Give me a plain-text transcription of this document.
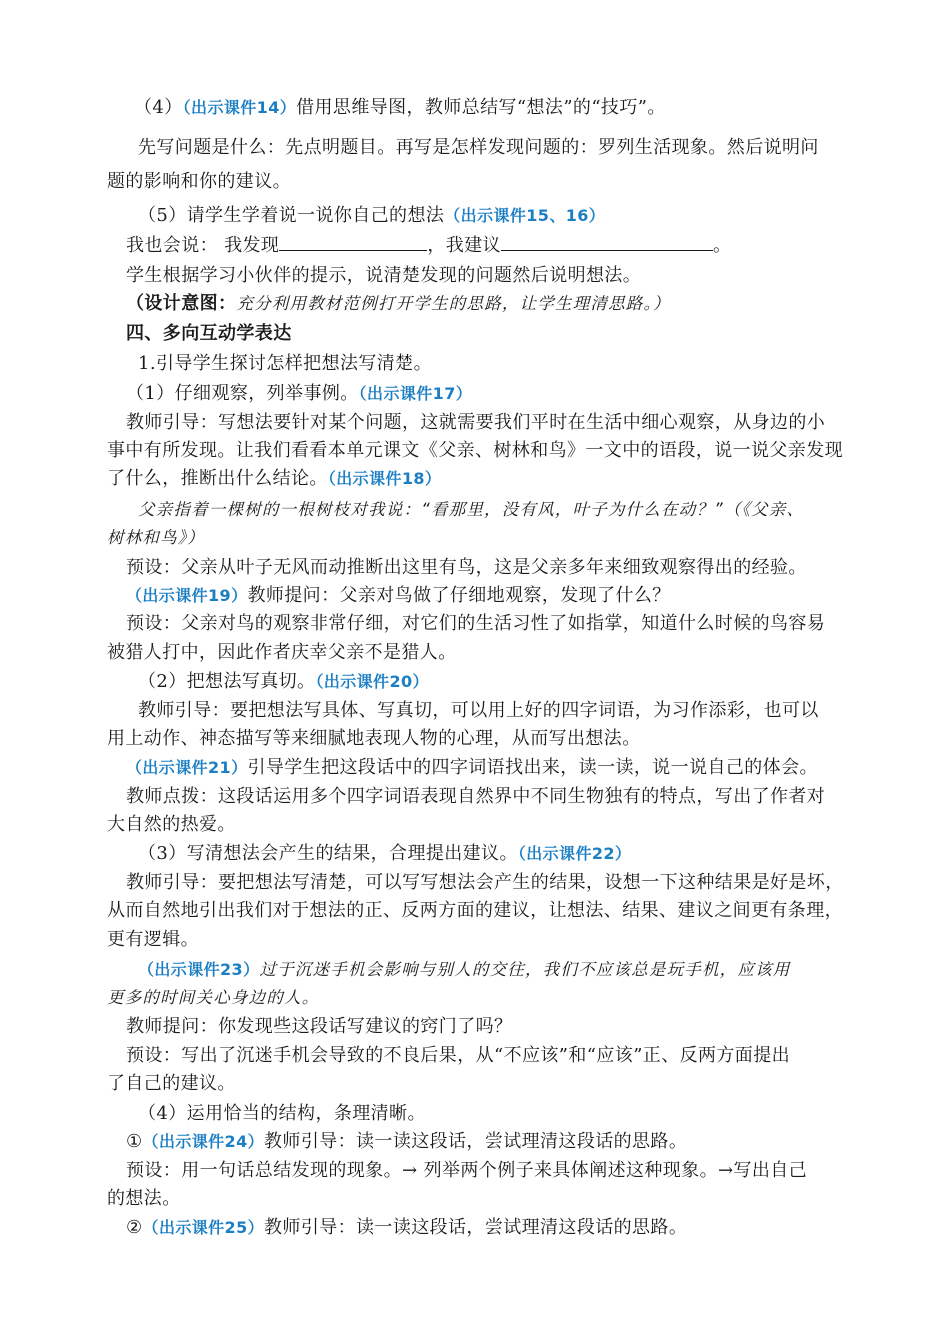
（4）（出示课件14）借用思维导图，教师总结写“想法”的“技巧”。
先写问题是什么：先点明题目。再写是怎样发现问题的：罗列生活现象。然后说明问
题的影响和你的建议。
（5）请学生学着说一说你自己的想法（出示课件15、16）
我也会说： 我发现	，我建议	。
学生根据学习小伙伴的提示，说清楚发现的问题然后说明想法。
（设计意图：充分利用教材范例打开学生的思路，让学生理清思路。）
四、多向互动学表达
1.引导学生探讨怎样把想法写清楚。
（1）仔细观察，列举事例。（出示课件17）
教师引导：写想法要针对某个问题，这就需要我们平时在生活中细心观察，从身边的小
事中有所发现。让我们看看本单元课文《父亲、树林和鸟》一文中的语段，说一说父亲发现
了什么，推断出什么结论。（出示课件18）
父亲指着一棵树的一根树枝对我说：“看那里，没有风，叶子为什么在动？”（《父亲、
树林和鸟》）
预设：父亲从叶子无风而动推断出这里有鸟，这是父亲多年来细致观察得出的经验。
（出示课件19）教师提问：父亲对鸟做了仔细地观察，发现了什么？
预设：父亲对鸟的观察非常仔细，对它们的生活习性了如指掌，知道什么时候的鸟容易
被猎人打中，因此作者庆幸父亲不是猎人。
（2）把想法写真切。（出示课件20）
教师引导：要把想法写具体、写真切，可以用上好的四字词语，为习作添彩，也可以
用上动作、神态描写等来细腻地表现人物的心理，从而写出想法。
（出示课件21）引导学生把这段话中的四字词语找出来，读一读，说一说自己的体会。
教师点拨：这段话运用多个四字词语表现自然界中不同生物独有的特点，写出了作者对
大自然的热爱。
（3）写清想法会产生的结果，合理提出建议。（出示课件22）
教师引导：要把想法写清楚，可以写写想法会产生的结果，设想一下这种结果是好是坏，
从而自然地引出我们对于想法的正、反两方面的建议，让想法、结果、建议之间更有条理，
更有逻辑。
（出示课件23）过于沉迷手机会影响与别人的交往，我们不应该总是玩手机，应该用
更多的时间关心身边的人。
教师提问：你发现些这段话写建议的窍门了吗？
预设：写出了沉迷手机会导致的不良后果，从“不应该”和“应该”正、反两方面提出
了自己的建议。
（4）运用恰当的结构，条理清晰。
①（出示课件24）教师引导：读一读这段话，尝试理清这段话的思路。
预设：用一句话总结发现的现象。→ 列举两个例子来具体阐述这种现象。→写出自己
的想法。
②（出示课件25）教师引导：读一读这段话，尝试理清这段话的思路。
